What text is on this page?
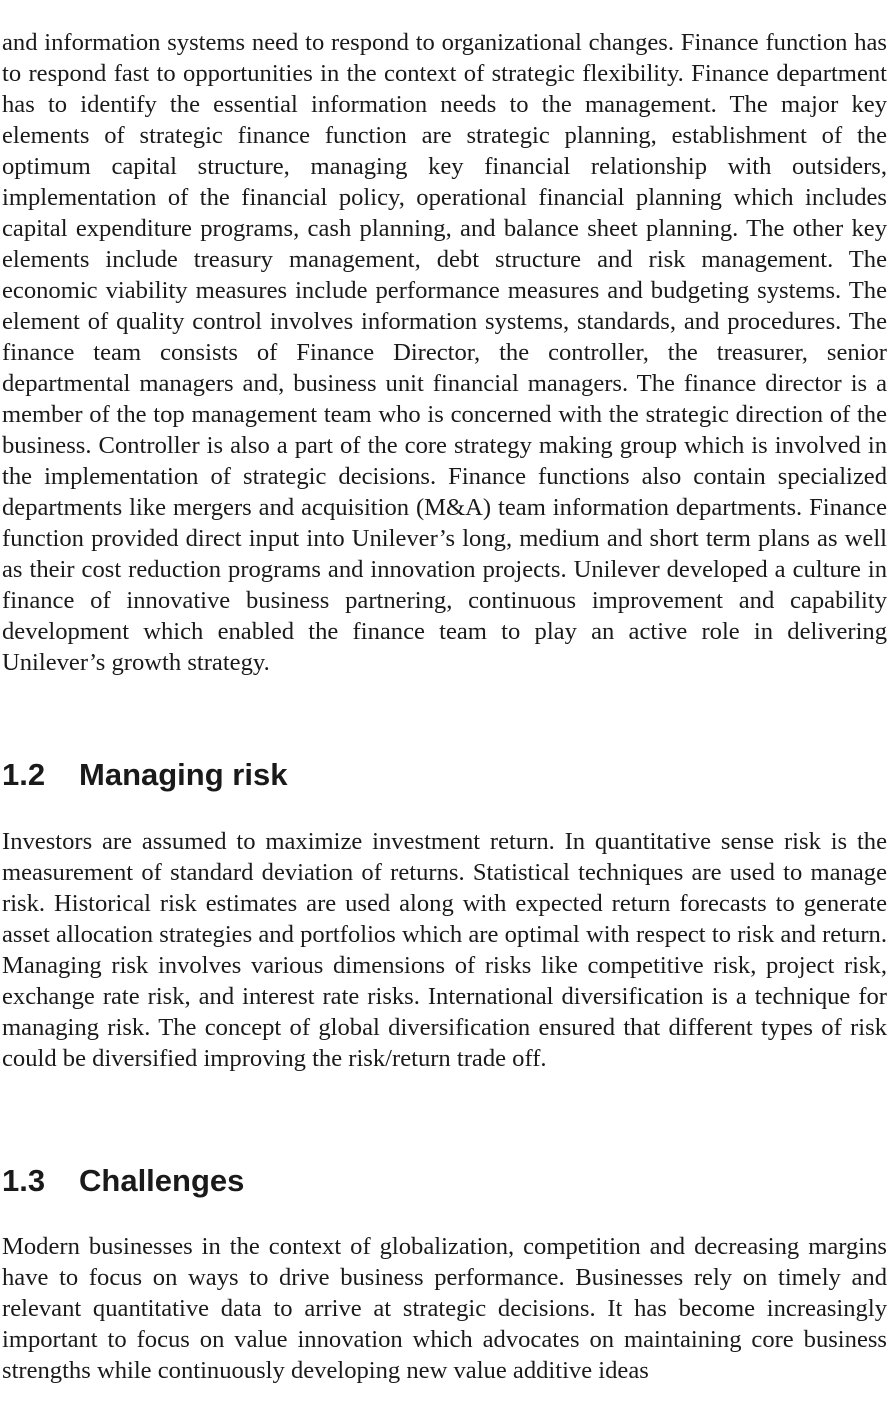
and information systems need to respond to organizational changes. Finance function has to respond fast to opportunities in the context of strategic flexibility. Finance department has to identify the essential information needs to the management. The major key elements of strategic finance function are strategic planning, establishment of the optimum capital structure, managing key financial relationship with outsiders, implementation of the financial policy, operational financial planning which includes capital expenditure programs, cash planning, and balance sheet planning. The other key elements include treasury management, debt structure and risk management. The economic viability measures include performance measures and budgeting systems. The element of quality control involves information systems, standards, and procedures. The finance team consists of Finance Director, the controller, the treasurer, senior departmental managers and, business unit financial managers. The finance director is a member of the top management team who is concerned with the strategic direction of the business. Controller is also a part of the core strategy making group which is involved in the implementation of strategic decisions. Finance functions also contain specialized departments like mergers and acquisition (M&A) team information departments. Finance function provided direct input into Unilever’s long, medium and short term plans as well as their cost reduction programs and innovation projects. Unilever developed a culture in finance of innovative business partnering, continuous improvement and capability development which enabled the finance team to play an active role in delivering Unilever’s growth strategy.

1.2	Managing risk

Investors are assumed to maximize investment return. In quantitative sense risk is the measurement of standard deviation of returns. Statistical techniques are used to manage risk. Historical risk estimates are used along with expected return forecasts to generate asset allocation strategies and portfolios which are optimal with respect to risk and return. Managing risk involves various dimensions of risks like competitive risk, project risk, exchange rate risk, and interest rate risks. International diversification is a technique for managing risk. The concept of global diversification ensured that different types of risk could be diversified improving the risk/return trade off.

1.3	Challenges

Modern businesses in the context of globalization, competition and decreasing margins have to focus on ways to drive business performance. Businesses rely on timely and relevant quantitative data to arrive at strategic decisions. It has become increasingly important to focus on value innovation which advocates on maintaining core business strengths while continuously developing new value additive ideas
